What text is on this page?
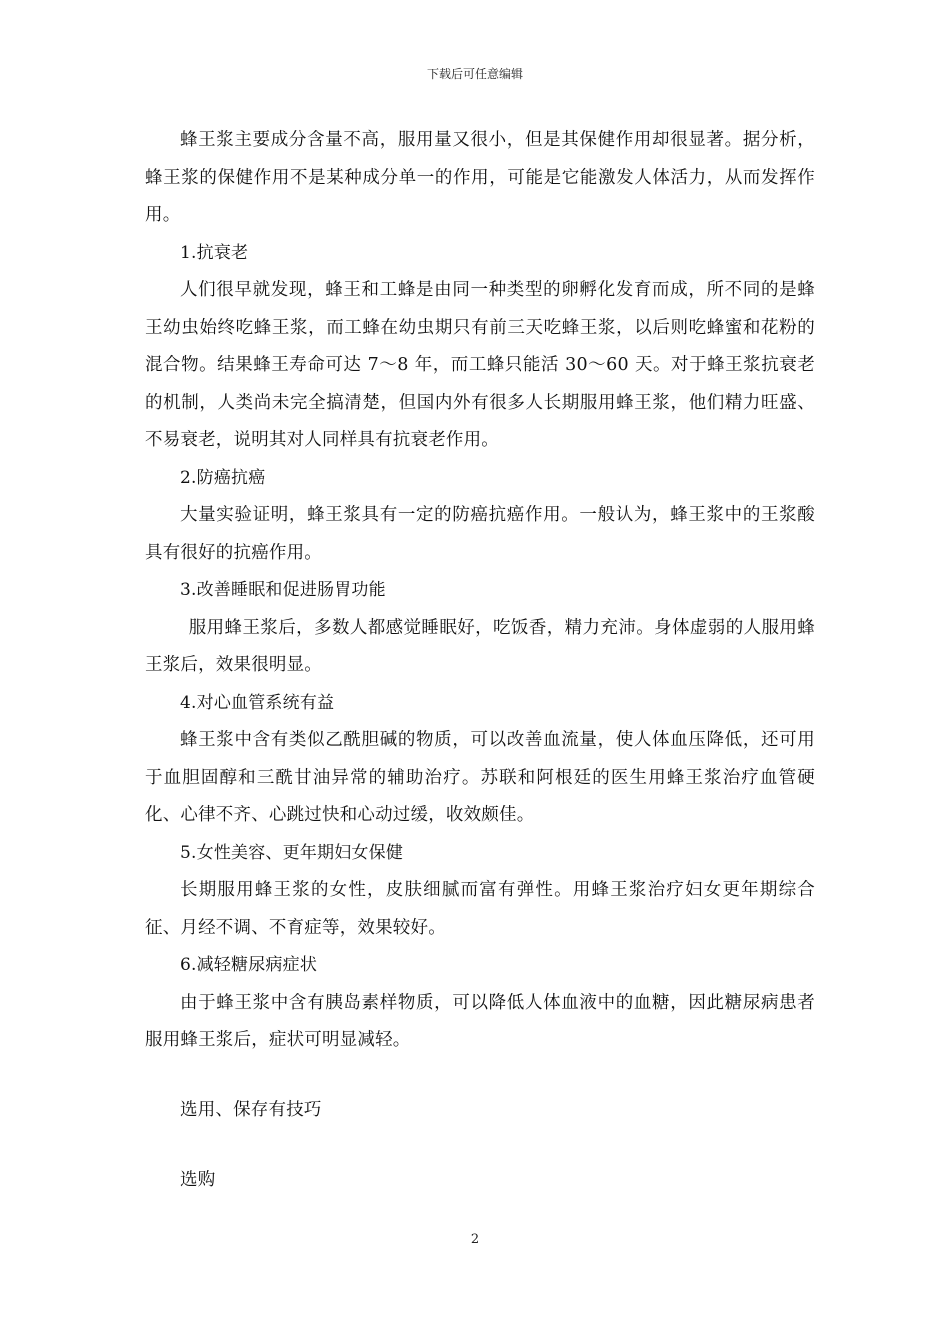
下载后可任意编辑

蜂王浆主要成分含量不高，服用量又很小，但是其保健作用却很显著。据分析，蜂王浆的保健作用不是某种成分单一的作用，可能是它能激发人体活力，从而发挥作用。

1.抗衰老

人们很早就发现，蜂王和工蜂是由同一种类型的卵孵化发育而成，所不同的是蜂王幼虫始终吃蜂王浆，而工蜂在幼虫期只有前三天吃蜂王浆，以后则吃蜂蜜和花粉的混合物。结果蜂王寿命可达 7～8 年，而工蜂只能活 30～60 天。对于蜂王浆抗衰老的机制，人类尚未完全搞清楚，但国内外有很多人长期服用蜂王浆，他们精力旺盛、不易衰老，说明其对人同样具有抗衰老作用。

2.防癌抗癌

大量实验证明，蜂王浆具有一定的防癌抗癌作用。一般认为，蜂王浆中的王浆酸具有很好的抗癌作用。

3.改善睡眠和促进肠胃功能

服用蜂王浆后，多数人都感觉睡眠好，吃饭香，精力充沛。身体虚弱的人服用蜂王浆后，效果很明显。

4.对心血管系统有益

蜂王浆中含有类似乙酰胆碱的物质，可以改善血流量，使人体血压降低，还可用于血胆固醇和三酰甘油异常的辅助治疗。苏联和阿根廷的医生用蜂王浆治疗血管硬化、心律不齐、心跳过快和心动过缓，收效颇佳。

5.女性美容、更年期妇女保健

长期服用蜂王浆的女性，皮肤细腻而富有弹性。用蜂王浆治疗妇女更年期综合征、月经不调、不育症等，效果较好。

6.减轻糖尿病症状

由于蜂王浆中含有胰岛素样物质，可以降低人体血液中的血糖，因此糖尿病患者服用蜂王浆后，症状可明显减轻。

选用、保存有技巧
选购
2
